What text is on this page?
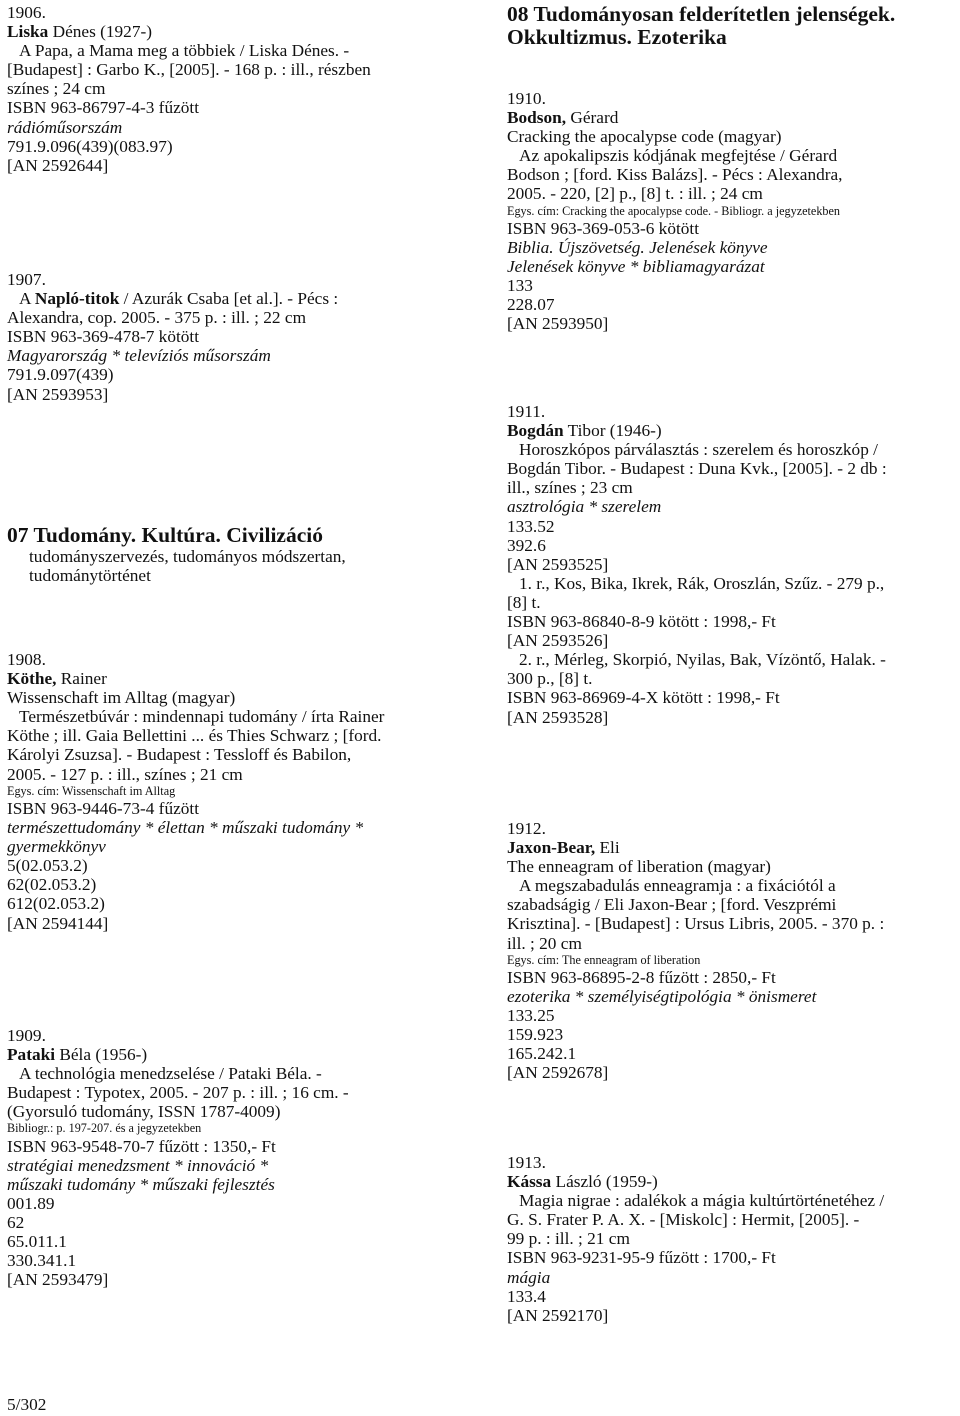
1906.
Liska Dénes (1927-)
A Papa, a Mama meg a többiek / Liska Dénes. -
[Budapest] : Garbo K., [2005]. - 168 p. : ill., részben
színes ; 24 cm
ISBN 963-86797-4-3 fűzött
rádióműsorszám
791.9.096(439)(083.97)
[AN 2592644]
1907.
A Napló-titok / Azurák Csaba [et al.]. - Pécs :
Alexandra, cop. 2005. - 375 p. : ill. ; 22 cm
ISBN 963-369-478-7 kötött
Magyarország * televíziós műsorszám
791.9.097(439)
[AN 2593953]
07 Tudomány. Kultúra. Civilizáció
tudományszervezés, tudományos módszertan, tudománytörténet
1908.
Köthe, Rainer
Wissenschaft im Alltag (magyar)
Természetbúvár : mindennapi tudomány / írta Rainer
Köthe ; ill. Gaia Bellettini ... és Thies Schwarz ; [ford.
Károlyi Zsuzsa]. - Budapest : Tessloff és Babilon,
2005. - 127 p. : ill., színes ; 21 cm
Egys. cím: Wissenschaft im Alltag
ISBN 963-9446-73-4 fűzött
természettudomány * élettan * műszaki tudomány *
gyermekkönyv
5(02.053.2)
62(02.053.2)
612(02.053.2)
[AN 2594144]
1909.
Pataki Béla (1956-)
A technológia menedzselése / Pataki Béla. -
Budapest : Typotex, 2005. - 207 p. : ill. ; 16 cm. -
(Gyorsuló tudomány, ISSN 1787-4009)
Bibliogr.: p. 197-207. és a jegyzetekben
ISBN 963-9548-70-7 fűzött : 1350,- Ft
stratégiai menedzsment * innováció *
műszaki tudomány * műszaki fejlesztés
001.89
62
65.011.1
330.341.1
[AN 2593479]
08 Tudományosan felderítetlen jelenségek. Okkultizmus. Ezoterika
1910.
Bodson, Gérard
Cracking the apocalypse code (magyar)
Az apokalipszis kódjának megfejtése / Gérard
Bodson ; [ford. Kiss Balázs]. - Pécs : Alexandra,
2005. - 220, [2] p., [8] t. : ill. ; 24 cm
Egys. cím: Cracking the apocalypse code. - Bibliogr. a jegyzetekben
ISBN 963-369-053-6 kötött
Biblia. Újszövetség. Jelenések könyve
Jelenések könyve * bibliamagyarázat
133
228.07
[AN 2593950]
1911.
Bogdán Tibor (1946-)
Horoszkópos párválasztás : szerelem és horoszkóp /
Bogdán Tibor. - Budapest : Duna Kvk., [2005]. - 2 db :
ill., színes ; 23 cm
asztrológia * szerelem
133.52
392.6
[AN 2593525]
1. r., Kos, Bika, Ikrek, Rák, Oroszlán, Szűz. - 279 p.,
[8] t.
ISBN 963-86840-8-9 kötött : 1998,- Ft
[AN 2593526]
2. r., Mérleg, Skorpió, Nyilas, Bak, Vízöntő, Halak. -
300 p., [8] t.
ISBN 963-86969-4-X kötött : 1998,- Ft
[AN 2593528]
1912.
Jaxon-Bear, Eli
The enneagram of liberation (magyar)
A megszabadulás enneagramja : a fixációtól a
szabadságig / Eli Jaxon-Bear ; [ford. Veszprémi
Krisztina]. - [Budapest] : Ursus Libris, 2005. - 370 p. :
ill. ; 20 cm
Egys. cím: The enneagram of liberation
ISBN 963-86895-2-8 fűzött : 2850,- Ft
ezoterika * személyiségtipológia * önismeret
133.25
159.923
165.242.1
[AN 2592678]
1913.
Kássa László (1959-)
Magia nigrae : adalékok a mágia kultúrtörténetéhez /
G. S. Frater P. A. X. - [Miskolc] : Hermit, [2005]. -
99 p. : ill. ; 21 cm
ISBN 963-9231-95-9 fűzött : 1700,- Ft
mágia
133.4
[AN 2592170]
5/302
